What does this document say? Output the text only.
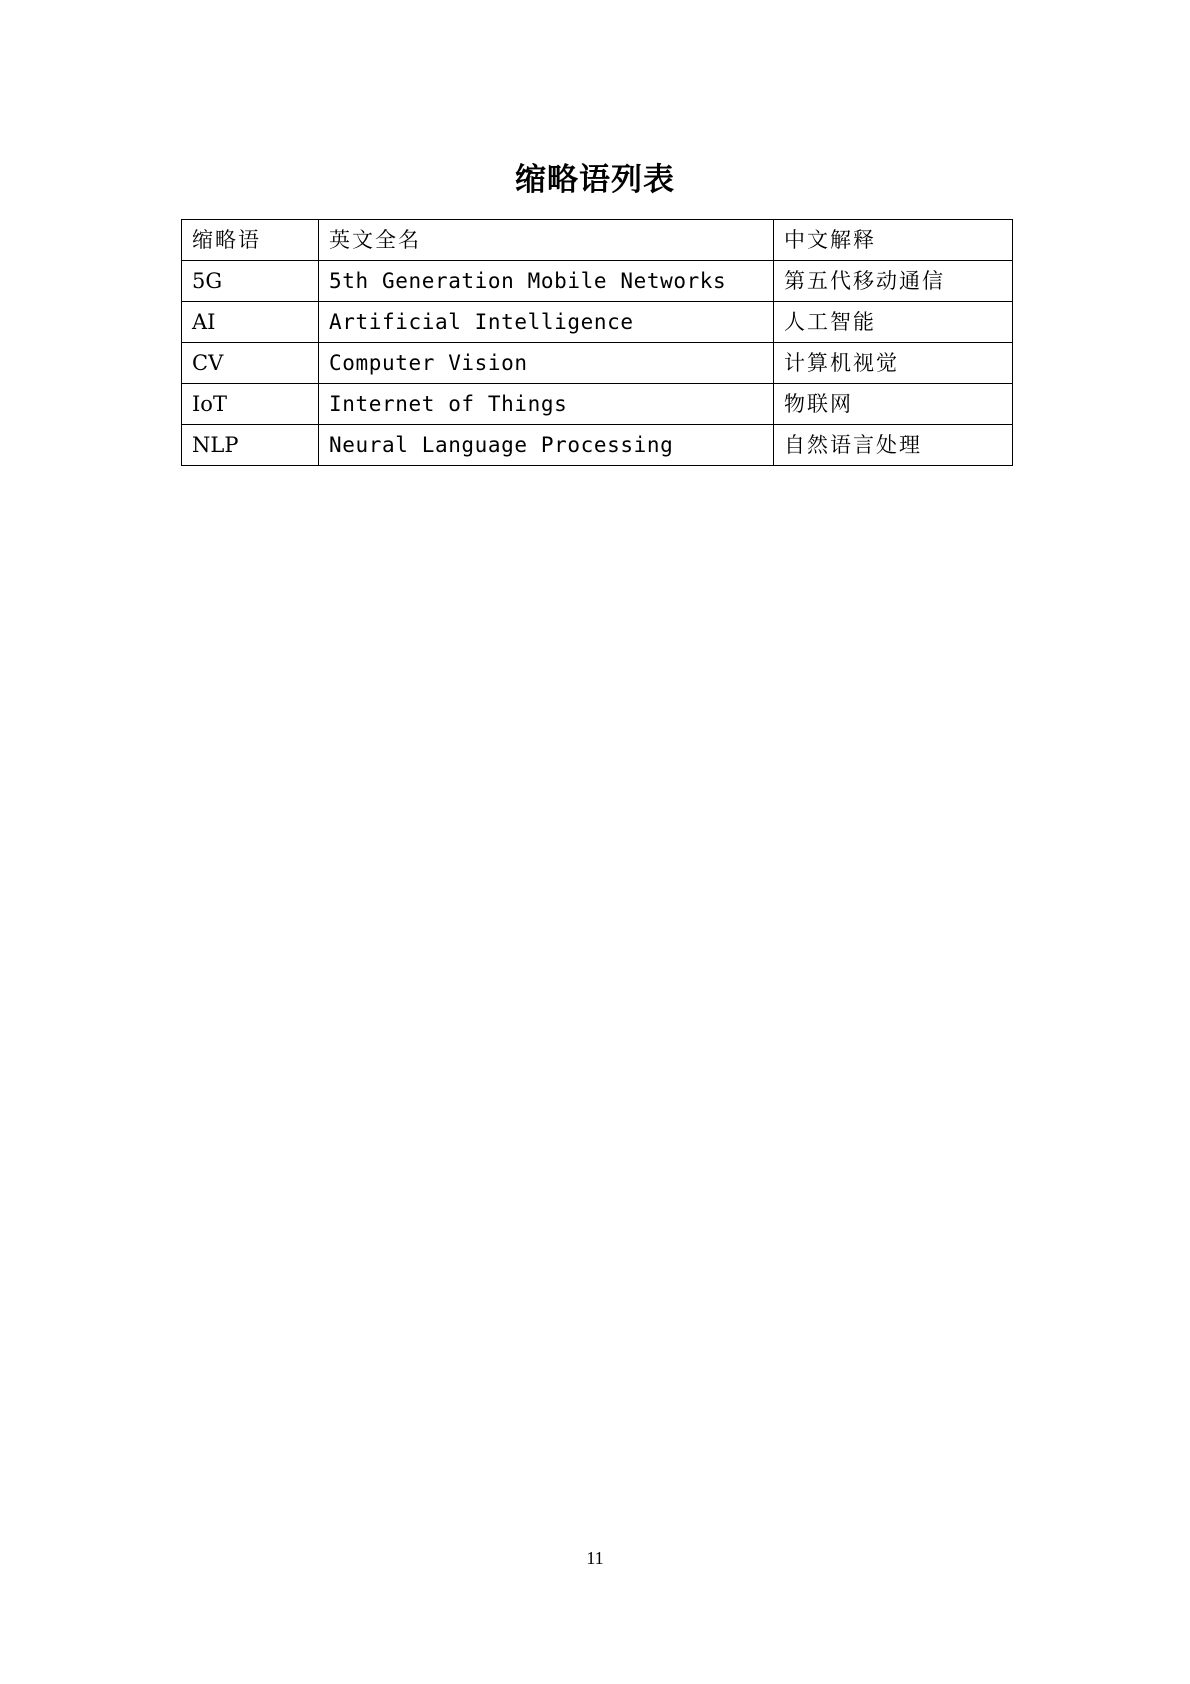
缩略语列表
缩略语	英文全名	中文解释
5G	5th Generation Mobile Networks	第五代移动通信
AI	Artificial Intelligence	人工智能
CV	Computer Vision	计算机视觉
IoT	Internet of Things	物联网
NLP	Neural Language Processing	自然语言处理
11
